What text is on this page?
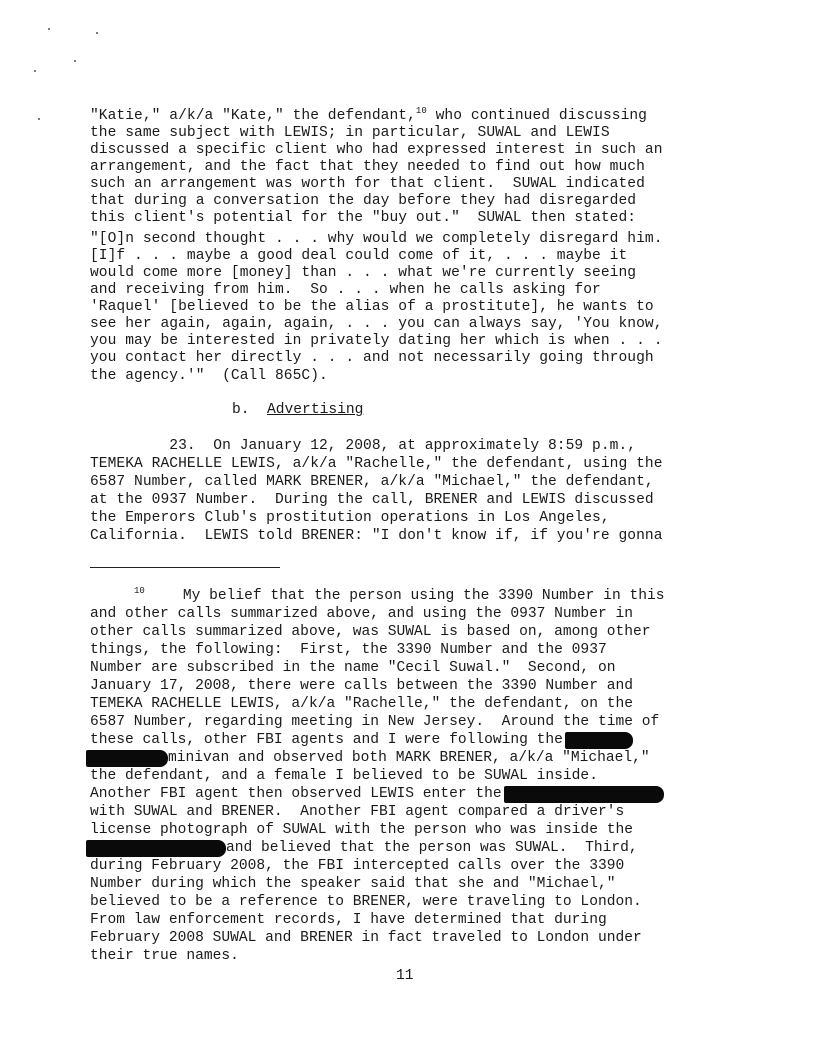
"Katie," a/k/a "Kate," the defendant,$^{10}$ who continued discussing
the same subject with LEWIS; in particular, SUWAL and LEWIS
discussed a specific client who had expressed interest in such an
arrangement, and the fact that they needed to find out how much
such an arrangement was worth for that client.  SUWAL indicated
that during a conversation the day before they had disregarded
this client's potential for the "buy out."  SUWAL then stated:
"[O]n second thought . . . why would we completely disregard him.
[I]f . . . maybe a good deal could come of it, . . . maybe it
would come more [money] than . . . what we're currently seeing
and receiving from him.  So . . . when he calls asking for
'Raquel' [believed to be the alias of a prostitute], he wants to
see her again, again, again, . . . you can always say, 'You know,
you may be interested in privately dating her which is when . . .
you contact her directly . . . and not necessarily going through
the agency.'"  (Call 865C).
b. Advertising
23.  On January 12, 2008, at approximately 8:59 p.m.,
TEMEKA RACHELLE LEWIS, a/k/a "Rachelle," the defendant, using the
6587 Number, called MARK BRENER, a/k/a "Michael," the defendant,
at the 0937 Number.  During the call, BRENER and LEWIS discussed
the Emperors Club's prostitution operations in Los Angeles,
California.  LEWIS told BRENER: "I don't know if, if you're gonna
$^{10}$	My belief that the person using the 3390 Number in this
and other calls summarized above, and using the 0937 Number in
other calls summarized above, was SUWAL is based on, among other
things, the following:  First, the 3390 Number and the 0937
Number are subscribed in the name "Cecil Suwal."  Second, on
January 17, 2008, there were calls between the 3390 Number and
TEMEKA RACHELLE LEWIS, a/k/a "Rachelle," the defendant, on the
6587 Number, regarding meeting in New Jersey.  Around the time of
these calls, other FBI agents and I were following the
minivan and observed both MARK BRENER, a/k/a "Michael,"
the defendant, and a female I believed to be SUWAL inside.
Another FBI agent then observed LEWIS enter the
with SUWAL and BRENER.  Another FBI agent compared a driver's
license photograph of SUWAL with the person who was inside the
and believed that the person was SUWAL.  Third,
during February 2008, the FBI intercepted calls over the 3390
Number during which the speaker said that she and "Michael,"
believed to be a reference to BRENER, were traveling to London.
From law enforcement records, I have determined that during
February 2008 SUWAL and BRENER in fact traveled to London under
their true names.
11
